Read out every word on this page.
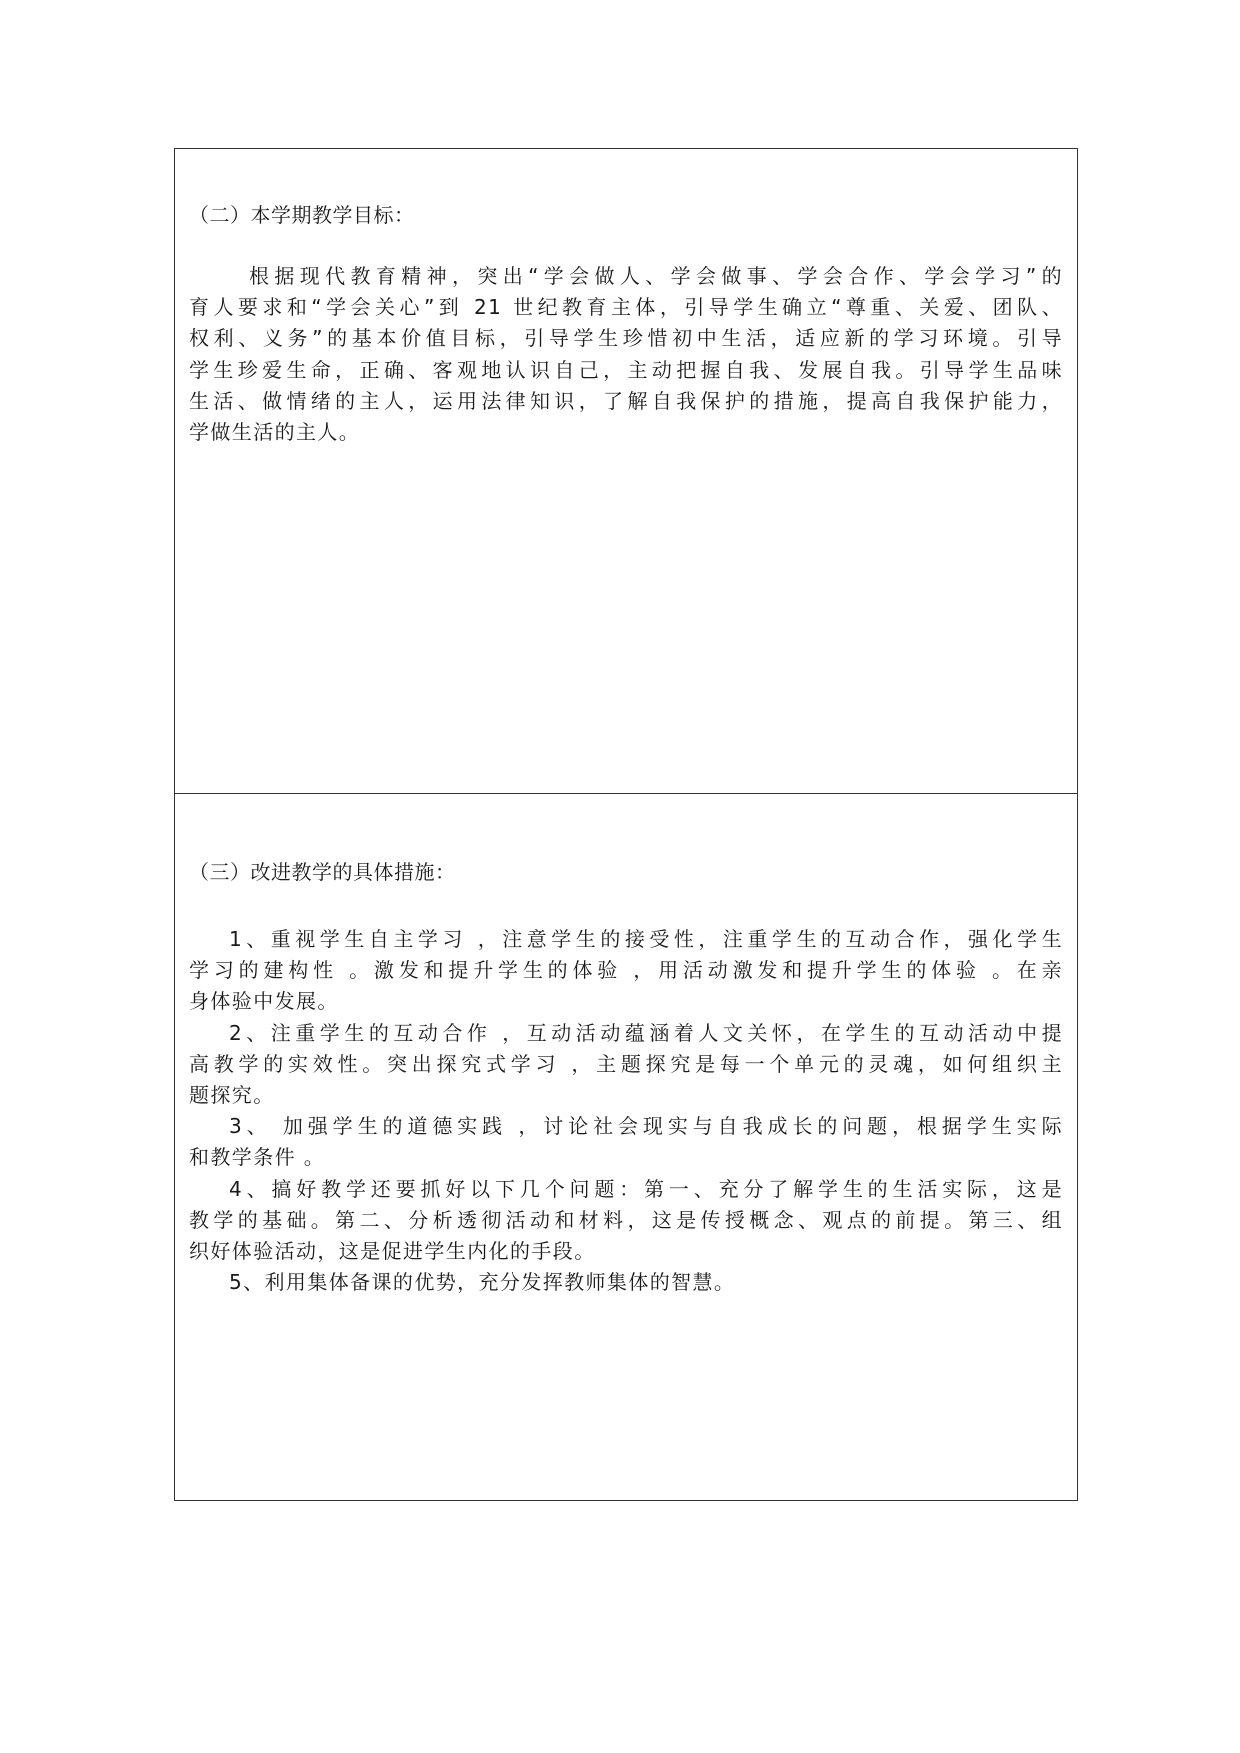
（二）本学期教学目标：
根据现代教育精神，突出“学会做人、学会做事、学会合作、学会学习”的
育人要求和“学会关心”到 21 世纪教育主体，引导学生确立“尊重、关爱、团队、
权利、义务”的基本价值目标，引导学生珍惜初中生活，适应新的学习环境。引导
学生珍爱生命，正确、客观地认识自己，主动把握自我、发展自我。引导学生品味
生活、做情绪的主人，运用法律知识，了解自我保护的措施，提高自我保护能力，
学做生活的主人。
（三）改进教学的具体措施：
1、重视学生自主学习 ，注意学生的接受性，注重学生的互动合作，强化学生
学习的建构性 。激发和提升学生的体验 ，用活动激发和提升学生的体验 。在亲
身体验中发展。
2、注重学生的互动合作 ，互动活动蕴涵着人文关怀，在学生的互动活动中提
高教学的实效性。突出探究式学习 ，主题探究是每一个单元的灵魂，如何组织主
题探究。
3、 加强学生的道德实践 ，讨论社会现实与自我成长的问题，根据学生实际
和教学条件 。
4、搞好教学还要抓好以下几个问题：第一、充分了解学生的生活实际，这是
教学的基础。第二、分析透彻活动和材料，这是传授概念、观点的前提。第三、组
织好体验活动，这是促进学生内化的手段。
5、利用集体备课的优势，充分发挥教师集体的智慧。
